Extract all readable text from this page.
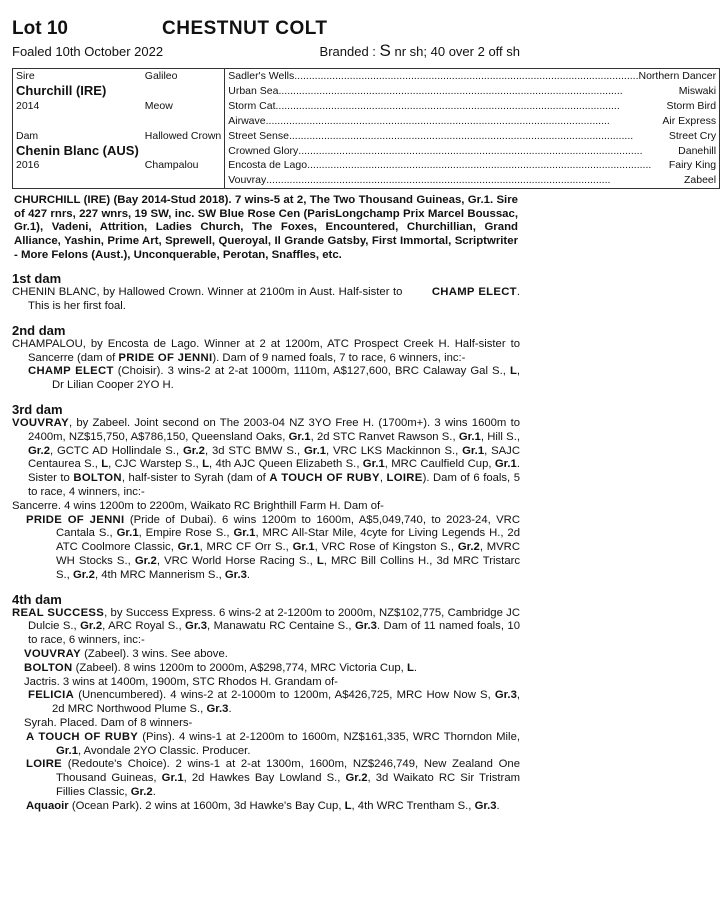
Lot 10	CHESTNUT COLT
Foaled 10th October 2022	Branded : S nr sh; 40 over 2 off sh
Sire	Galileo	Sadler's Wells ..... Northern Dancer

Churchill (IRE)		Urban Sea ..... Miswaki

2014	Meow	Storm Cat ..... Storm Bird

		Airwave ..... Air Express

Dam	Hallowed Crown	Street Sense ..... Street Cry

Chenin Blanc (AUS)		Crowned Glory ..... Danehill

2016	Champalou	Encosta de Lago ..... Fairy King

		Vouvray ..... Zabeel
CHURCHILL (IRE) (Bay 2014-Stud 2018). 7 wins-5 at 2, The Two Thousand Guineas, Gr.1. Sire of 427 rnrs, 227 wnrs, 19 SW, inc. SW Blue Rose Cen (ParisLongchamp Prix Marcel Boussac, Gr.1), Vadeni, Attrition, Ladies Church, The Foxes, Encountered, Churchillian, Grand Alliance, Yashin, Prime Art, Sprewell, Queroyal, Il Grande Gatsby, First Immortal, Scriptwriter - More Felons (Aust.), Unconquerable, Perotan, Snaffles, etc.
1st dam
CHENIN BLANC, by Hallowed Crown. Winner at 2100m in Aust. Half-sister to	CHAMP ELECT. This is her first foal.
2nd dam
CHAMPALOU, by Encosta de Lago. Winner at 2 at 1200m, ATC Prospect Creek H. Half-sister to Sancerre (dam of PRIDE OF JENNI). Dam of 9 named foals, 7 to race, 6 winners, inc:-
CHAMP ELECT (Choisir). 3 wins-2 at 2-at 1000m, 1110m, A$127,600, BRC Calaway Gal S., L, Dr Lilian Cooper 2YO H.
3rd dam
VOUVRAY, by Zabeel. Joint second on The 2003-04 NZ 3YO Free H. (1700m+). 3 wins 1600m to 2400m, NZ$15,750, A$786,150, Queensland Oaks, Gr.1, 2d STC Ranvet Rawson S., Gr.1, Hill S., Gr.2, GCTC AD Hollindale S., Gr.2, 3d STC BMW S., Gr.1, VRC LKS Mackinnon S., Gr.1, SAJC Centaurea S., L, CJC Warstep S., L, 4th AJC Queen Elizabeth S., Gr.1, MRC Caulfield Cup, Gr.1. Sister to BOLTON, half-sister to Syrah (dam of A TOUCH OF RUBY, LOIRE). Dam of 6 foals, 5 to race, 4 winners, inc:-
Sancerre. 4 wins 1200m to 2200m, Waikato RC Brighthill Farm H. Dam of-
PRIDE OF JENNI (Pride of Dubai). 6 wins 1200m to 1600m, A$5,049,740, to 2023-24, VRC Cantala S., Gr.1, Empire Rose S., Gr.1, MRC All-Star Mile, 4cyte for Living Legends H., 2d ATC Coolmore Classic, Gr.1, MRC CF Orr S., Gr.1, VRC Rose of Kingston S., Gr.2, MVRC WH Stocks S., Gr.2, VRC World Horse Racing S., L, MRC Bill Collins H., 3d MRC Tristarc S., Gr.2, 4th MRC Mannerism S., Gr.3.
4th dam
REAL SUCCESS, by Success Express. 6 wins-2 at 2-1200m to 2000m, NZ$102,775, Cambridge JC Dulcie S., Gr.2, ARC Royal S., Gr.3, Manawatu RC Centaine S., Gr.3. Dam of 11 named foals, 10 to race, 6 winners, inc:-
VOUVRAY (Zabeel). 3 wins. See above.
BOLTON (Zabeel). 8 wins 1200m to 2000m, A$298,774, MRC Victoria Cup, L.
Jactris. 3 wins at 1400m, 1900m, STC Rhodos H. Grandam of-
FELICIA (Unencumbered). 4 wins-2 at 2-1000m to 1200m, A$426,725, MRC How Now S, Gr.3, 2d MRC Northwood Plume S., Gr.3.
Syrah. Placed. Dam of 8 winners-
A TOUCH OF RUBY (Pins). 4 wins-1 at 2-1200m to 1600m, NZ$161,335, WRC Thorndon Mile, Gr.1, Avondale 2YO Classic. Producer.
LOIRE (Redoute's Choice). 2 wins-1 at 2-at 1300m, 1600m, NZ$246,749, New Zealand One Thousand Guineas, Gr.1, 2d Hawkes Bay Lowland S., Gr.2, 3d Waikato RC Sir Tristram Fillies Classic, Gr.2.
Aquaoir (Ocean Park). 2 wins at 1600m, 3d Hawke's Bay Cup, L, 4th WRC Trentham S., Gr.3.
